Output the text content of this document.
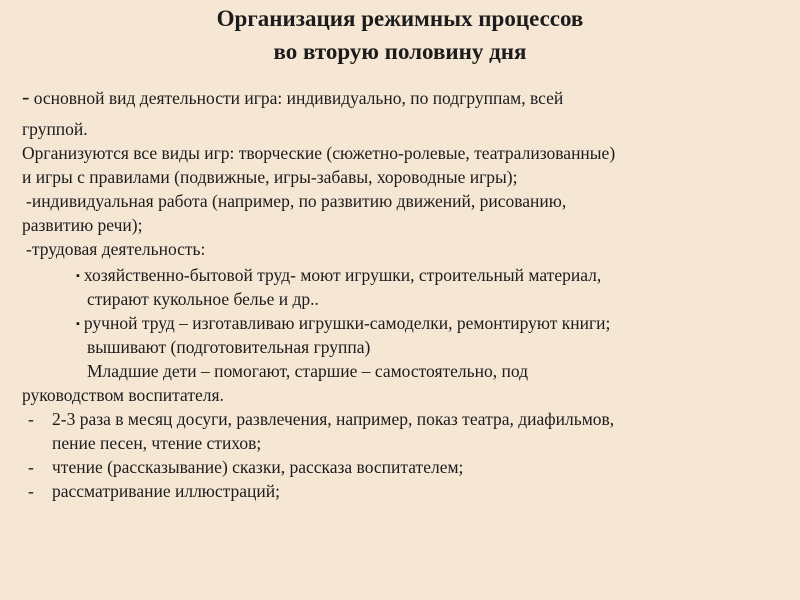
Организация режимных процессов
во вторую половину дня
- основной вид деятельности игра: индивидуально, по подгруппам, всей
группой.
Организуются все виды игр: творческие (сюжетно-ролевые, театрализованные)
и игры с правилами (подвижные, игры-забавы, хороводные игры);
-индивидуальная работа (например, по развитию движений, рисованию,
развитию речи);
-трудовая деятельность:
▪ хозяйственно-бытовой труд- моют игрушки, строительный материал,
стирают кукольное белье и др..
▪ ручной труд – изготавливаю игрушки-самоделки, ремонтируют книги;
вышивают (подготовительная группа)
Младшие дети – помогают, старшие – самостоятельно, под
руководством воспитателя.
- 2-3 раза в месяц досуги, развлечения, например, показ театра, диафильмов,
пение песен, чтение стихов;
- чтение (рассказывание) сказки, рассказа воспитателем;
- рассматривание иллюстраций;
